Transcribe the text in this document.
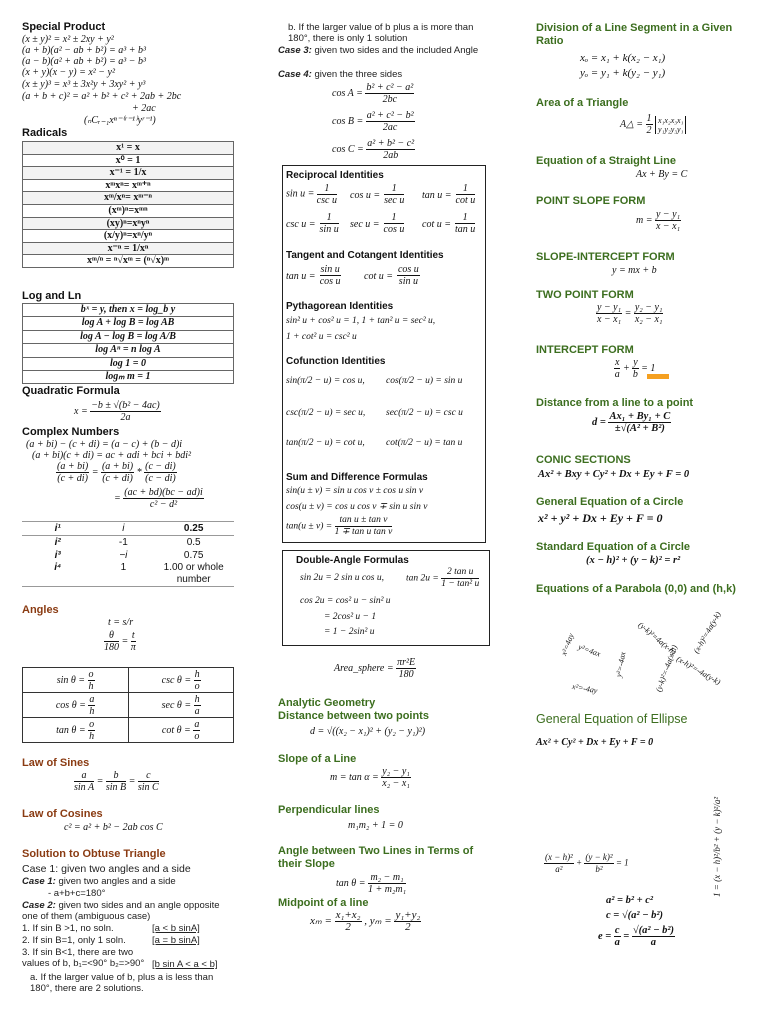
Special Product
(x ± y)² = x² ± 2xy + y²
(a + b)(a² − ab + b²) = a³ + b³
(a − b)(a² + ab + b²) = a³ − b³
(x + y)(x − y) = x² − y²
(x ± y)³ = x³ ± 3x²y + 3xy² + y³
(a + b + c)² = a² + b² + c² + 2ab + 2bc
+ 2ac
(ₙCᵣ₋₁xⁿ⁻⁽ʳ⁻¹⁾yʳ⁻¹)
Radicals
x¹ = x
x⁰ = 1
x⁻¹ = 1/x
xᵐxⁿ= xᵐ⁺ⁿ
xᵐ/xⁿ= xᵐ⁻ⁿ
(xᵐ)ⁿ=xᵐⁿ
(xy)ⁿ=xⁿyⁿ
(x/y)ⁿ=xⁿ/yⁿ
x⁻ⁿ = 1/xⁿ
xᵐ/ⁿ = ⁿ√xᵐ = (ⁿ√x)ᵐ
Log and Ln
bˣ = y, then x = log_b y
log A + log B = log AB
log A − log B = log A/B
log Aⁿ = n log A
log 1 = 0
logₘ m = 1
Quadratic Formula
$x = \frac{\text{−b ± √(b² − 4ac)}}{2a}$
Complex Numbers
(a + bi) − (c + di) = (a − c) + (b − d)i
(a + bi)(c + di) = ac + adi + bci + bdi²
$\frac{(a + bi)}{(c + di)} = \frac{(a + bi)}{(c + di)} * \frac{(c - di)}{(c - di)}$
= $\frac{(ac + bd)(bc - ad)i}{\text{c² − d²}}$
i¹	i	0.25
i²	-1	0.5
i³	−i	0.75
i⁴	1	1.00 or whole number
Angles
t = s/r
$\frac{\theta}{180} = \frac{t}{\pi}$
$\sin \theta = \frac{o}{h}$	$\csc \theta = \frac{h}{o}$

$\cos \theta = \frac{a}{h}$	$\sec \theta = \frac{h}{a}$

$\tan \theta = \frac{o}{h}$	$\cot \theta = \frac{a}{o}$
Law of Sines
$\frac{a}{\text{sin A}} = \frac{b}{\text{sin B}} = \frac{c}{\text{sin C}}$
Law of Cosines
c² = a² + b² − 2ab cos C
Solution to Obtuse Triangle
Case 1: given two angles and a side
Case 1: given two angles and a side
- a+b+c=180°
Case 2: given two sides and an angle opposite one of them (ambiguous case)
1. If sin B >1, no soln.	[a < b sinA]
2. If sin B=1, only 1 soln.	[a = b sinA]
3. If sin B<1, there are two values of b, b₁=<90° b₂=>90° [b sin A < a < b]
a. If the larger value of b, plus a is less than 180°, there are 2 solutions.
b. If the larger value of b plus a is more than 180°, there is only 1 solution
Case 3: given two sides and the included Angle
Case 4: given the three sides
$\cos A = \frac{\text{b² + c² − a²}}{2bc}$
$\cos B = \frac{\text{a² + c² − b²}}{2ac}$
$\cos C = \frac{\text{a² + b² − c²}}{2ab}$
Reciprocal Identities
$\sin u = \frac{1}{\text{csc u}}$ $\cos u = \frac{1}{\text{sec u}}$ $\tan u = \frac{1}{\text{cot u}}$
$\csc u = \frac{1}{\text{sin u}}$ $\sec u = \frac{1}{\text{cos u}}$ $\cot u = \frac{1}{\text{tan u}}$
Tangent and Cotangent Identities
$\tan u = \frac{\text{sin u}}{\text{cos u}}$ $\cot u = \frac{\text{cos u}}{\text{sin u}}$
Pythagorean Identities
sin² u + cos² u = 1, 1 + tan² u = sec² u,
1 + cot² u = csc² u
Cofunction Identities
sin(π/2 − u) = cos u, cos(π/2 − u) = sin u
csc(π/2 − u) = sec u, sec(π/2 − u) = csc u
tan(π/2 − u) = cot u, cot(π/2 − u) = tan u
Sum and Difference Formulas
sin(u ± v) = sin u cos v ± cos u sin v
cos(u ± v) = cos u cos v ∓ sin u sin v
$\tan(u \pm v) = \frac{\text{tan u ± tan v}}{\text{1 ∓ tan u tan v}}$
Double-Angle Formulas
sin 2u = 2 sin u cos u, $\tan 2u = \frac{\text{2 tan u}}{\text{1 − tan² u}}$
cos 2u = cos² u − sin² u
= 2cos² u − 1
= 1 − 2sin² u
Area_sphere = $\frac{\text{πr²E}}{180}$
Analytic Geometry
Distance between two points
d = √((x₂ − x₁)² + (y₂ − y₁)²)
Slope of a Line
$m = \tan \alpha = \frac{\text{y₂ − y₁}}{\text{x₂ − x₁}}$
Perpendicular lines
m₁m₂ + 1 = 0
Angle between Two Lines in Terms of their Slope
$\tan \theta = \frac{\text{m₂ − m₁}}{\text{1 + m₂m₁}}$
Midpoint of a line
$x_m = \frac{\text{x₁+x₂}}{2}$ , $y_m = \frac{\text{y₁+y₂}}{2}$
Division of a Line Segment in a Given Ratio
xₒ = x₁ + k(x₂ − x₁)
yₒ = y₁ + k(y₂ − y₁)
Area of a Triangle
A△ = $\frac{1}{2}$
x₁x₂x₃x₁
y₁y₂y₃y₁
Equation of a Straight Line
Ax + By = C
POINT SLOPE FORM
$m = \frac{\text{y − y₁}}{\text{x − x₁}}$
SLOPE-INTERCEPT FORM
y = mx + b
TWO POINT FORM
$\frac{\text{y − y₁}}{\text{x − x₁}} = \frac{\text{y₂ − y₁}}{\text{x₂ − x₁}}$
INTERCEPT FORM
$\frac{x}{a} + \frac{y}{b} = 1$
Distance from a line to a point
$d = \frac{\text{Ax₁ + By₁ + C}}{\text{±√(A² + B²)}}$
CONIC SECTIONS
Ax² + Bxy + Cy² + Dx + Ey + F = 0
General Equation of a Circle
x² + y² + Dx + Ey + F = 0
Standard Equation of a Circle
(x − h)² + (y − k)² = r²
Equations of a Parabola (0,0) and (h,k)
x²=4ay y²=4ax
x²=-4ay
y²=-4ax
(y-k)²=4a(x-h) (x-h)²=4a(y-k)
(y-k)²=-4a(x-h)
(x-h)²=-4a(y-k)
General Equation of Ellipse
Ax² + Cy² + Dx + Ey + F = 0
1 = (x − h)²/b² + (y − k)²/a²
$\frac{\text{(x − h)²}}{\text{a²}} + \frac{\text{(y − k)²}}{\text{b²}} = 1$
a² = b² + c²
c = √(a² − b²)
$e = \frac{c}{a} = \frac{\text{√(a² − b²)}}{a}$
